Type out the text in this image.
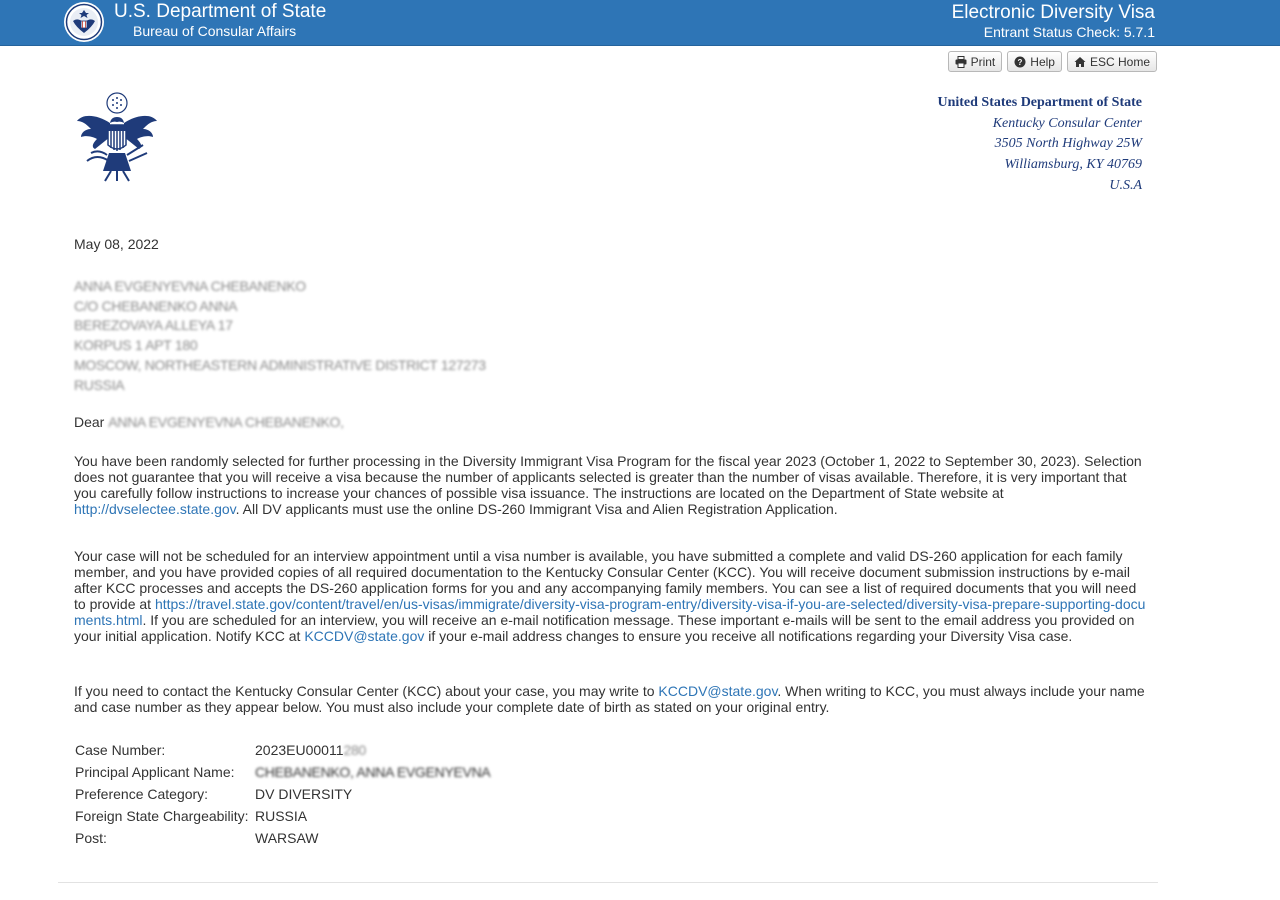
U.S. Department of State
Bureau of Consular Affairs
Electronic Diversity Visa
Entrant Status Check: 5.7.1
Print	? Help	ESC Home
United States Department of State
Kentucky Consular Center
3505 North Highway 25W
Williamsburg, KY 40769
U.S.A
May 08, 2022
ANNA EVGENYEVNA CHEBANENKO
C/O CHEBANENKO ANNA
BEREZOVAYA ALLEYA 17
KORPUS 1 APT 180
MOSCOW, NORTHEASTERN ADMINISTRATIVE DISTRICT 127273
RUSSIA
Dear ANNA EVGENYEVNA CHEBANENKO,
You have been randomly selected for further processing in the Diversity Immigrant Visa Program for the fiscal year 2023 (October 1, 2022 to September 30, 2023). Selection does not guarantee that you will receive a visa because the number of applicants selected is greater than the number of visas available. Therefore, it is very important that you carefully follow instructions to increase your chances of possible visa issuance. The instructions are located on the Department of State website at http://dvselectee.state.gov. All DV applicants must use the online DS-260 Immigrant Visa and Alien Registration Application.
Your case will not be scheduled for an interview appointment until a visa number is available, you have submitted a complete and valid DS-260 application for each family member, and you have provided copies of all required documentation to the Kentucky Consular Center (KCC). You will receive document submission instructions by e-mail after KCC processes and accepts the DS-260 application forms for you and any accompanying family members. You can see a list of required documents that you will need to provide at https://travel.state.gov/content/travel/en/us-visas/immigrate/diversity-visa-program-entry/diversity-visa-if-you-are-selected/diversity-visa-prepare-supporting-documents.html. If you are scheduled for an interview, you will receive an e-mail notification message. These important e-mails will be sent to the email address you provided on your initial application. Notify KCC at KCCDV@state.gov if your e-mail address changes to ensure you receive all notifications regarding your Diversity Visa case.
If you need to contact the Kentucky Consular Center (KCC) about your case, you may write to KCCDV@state.gov. When writing to KCC, you must always include your name and case number as they appear below. You must also include your complete date of birth as stated on your original entry.
Case Number:	2023EU00011280
Principal Applicant Name:	CHEBANENKO, ANNA EVGENYEVNA
Preference Category:	DV DIVERSITY
Foreign State Chargeability:	RUSSIA
Post:	WARSAW
